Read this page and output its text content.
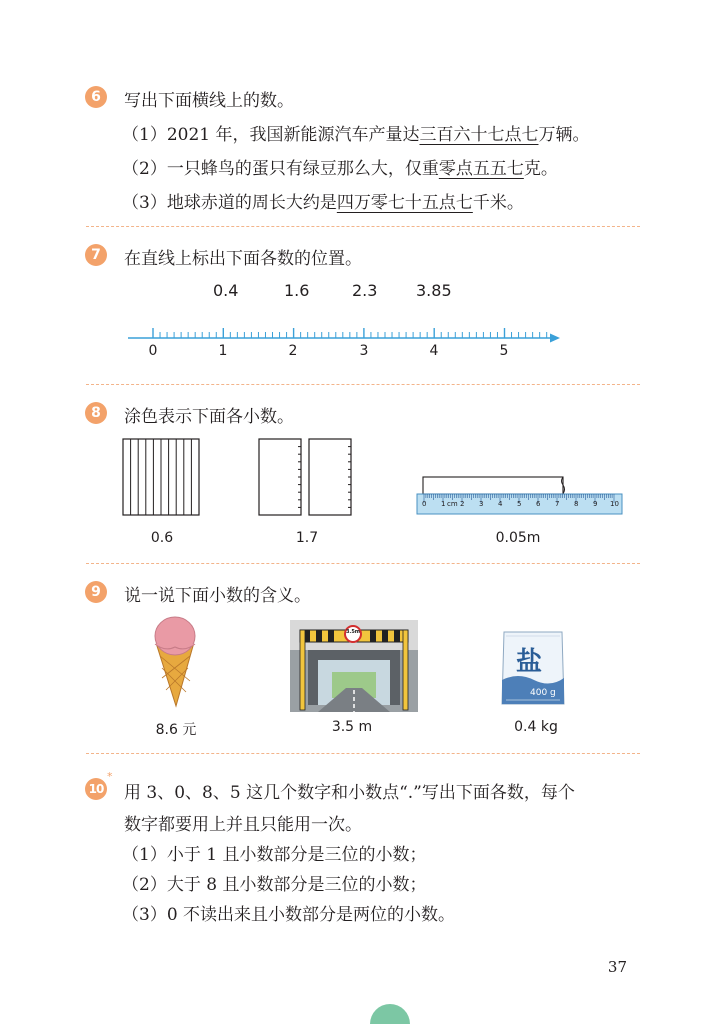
6	写出下面横线上的数。
（1）2021 年，我国新能源汽车产量达三百六十七点七万辆。
（2）一只蜂鸟的蛋只有绿豆那么大，仅重零点五五七克。
（3）地球赤道的周长大约是四万零七十五点七千米。
7	在直线上标出下面各数的位置。
0.4	1.6	2.3 3.85
0	1	2	3	4	5
8	涂色表示下面各小数。
0 1 cm 2 3 4 5 6 7 8 9 10
0.6	1.7	0.05m
9	说一说下面小数的含义。
3.5m
盐
400 g
8.6 元	3.5 m	0.4 kg
10
*
用 3、0、8、5 这几个数字和小数点“.”写出下面各数，每个
数字都要用上并且只能用一次。
（1）小于 1 且小数部分是三位的小数；
（2）大于 8 且小数部分是三位的小数；
（3）0 不读出来且小数部分是两位的小数。
37
